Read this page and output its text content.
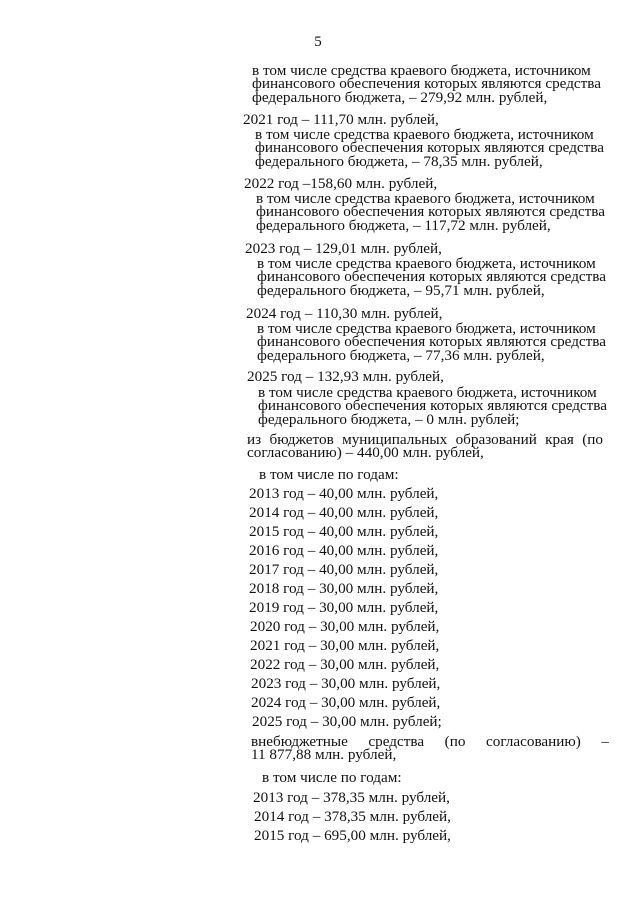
5
в том числе средства краевого бюджета, источником
финансового обеспечения которых являются средства
федерального бюджета, – 279,92 млн. рублей,
2021 год – 111,70 млн. рублей,
в том числе средства краевого бюджета, источником
финансового обеспечения которых являются средства
федерального бюджета, – 78,35 млн. рублей,
2022 год –158,60 млн. рублей,
в том числе средства краевого бюджета, источником
финансового обеспечения которых являются средства
федерального бюджета, – 117,72 млн. рублей,
2023 год – 129,01 млн. рублей,
в том числе средства краевого бюджета, источником
финансового обеспечения которых являются средства
федерального бюджета, – 95,71 млн. рублей,
2024 год – 110,30 млн. рублей,
в том числе средства краевого бюджета, источником
финансового обеспечения которых являются средства
федерального бюджета, – 77,36 млн. рублей,
2025 год – 132,93 млн. рублей,
в том числе средства краевого бюджета, источником
финансового обеспечения которых являются средства
федерального бюджета, – 0 млн. рублей;
из бюджетов муниципальных образований края (по
согласованию) – 440,00 млн. рублей,
в том числе по годам:
2013 год – 40,00 млн. рублей,
2014 год – 40,00 млн. рублей,
2015 год – 40,00 млн. рублей,
2016 год – 40,00 млн. рублей,
2017 год – 40,00 млн. рублей,
2018 год – 30,00 млн. рублей,
2019 год – 30,00 млн. рублей,
2020 год – 30,00 млн. рублей,
2021 год – 30,00 млн. рублей,
2022 год – 30,00 млн. рублей,
2023 год – 30,00 млн. рублей,
2024 год – 30,00 млн. рублей,
2025 год – 30,00 млн. рублей;
внебюджетные средства (по согласованию) –
11 877,88 млн. рублей,
в том числе по годам:
2013 год – 378,35 млн. рублей,
2014 год – 378,35 млн. рублей,
2015 год – 695,00 млн. рублей,
